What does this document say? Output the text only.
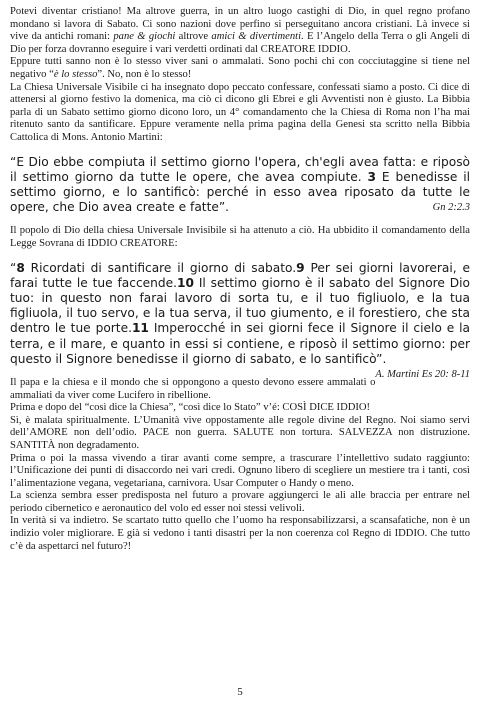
Potevi diventar cristiano! Ma altrove guerra, in un altro luogo castighi di Dio, in quel regno profano mondano si lavora di Sabato. Ci sono nazioni dove perfino si perseguitano ancora cristiani. Là invece si vive da antichi romani: pane & giochi altrove amici & divertimenti. E l’Angelo della Terra o gli Angeli di Dio per forza dovranno eseguire i vari verdetti ordinati dal CREATORE IDDIO.

Eppure tutti sanno non è lo stesso viver sani o ammalati. Sono pochi chi con cocciutaggine si tiene nel negativo “è lo stesso”. No, non è lo stesso!

La Chiesa Universale Visibile ci ha insegnato dopo peccato confessare, confessati siamo a posto. Ci dice di attenersi al giorno festivo la domenica, ma ciò ci dicono gli Ebrei e gli Avventisti non è giusto. La Bibbia parla di un Sabato settimo giorno dicono loro, un 4° comandamento che la Chiesa di Roma non l’ha mai ritenuto santo da santificare. Eppure veramente nella prima pagina della Genesi sta scritto nella Bibbia Cattolica di Mons. Antonio Martini:

“E Dio ebbe compiuta il settimo giorno l'opera, ch'egli avea fatta: e riposò il settimo giorno da tutte le opere, che avea compiute. 3 E benedisse il settimo giorno, e lo santificò: perché in esso avea riposato da tutte le opere, che Dio avea create e fatte”.	Gn 2:2.3

Il popolo di Dio della chiesa Universale Invisibile si ha attenuto a ciò. Ha ubbidito il comandamento della Legge Sovrana di IDDIO CREATORE:

“8 Ricordati di santificare il giorno di sabato.9 Per sei giorni lavorerai, e farai tutte le tue faccende.10 Il settimo giorno è il sabato del Signore Dio tuo: in questo non farai lavoro di sorta tu, e il tuo figliuolo, e la tua figliuola, il tuo servo, e la tua serva, il tuo giumento, e il forestiero, che sta dentro le tue porte.11 Imperocché in sei giorni fece il Signore il cielo e la terra, e il mare, e quanto in essi si contiene, e riposò il settimo giorno: per questo il Signore benedisse il giorno di sabato, e lo santificò”.
A. Martini Es 20: 8-11

Il papa e la chiesa e il mondo che si oppongono a questo devono essere ammalati o ammaliati da viver come Lucifero in ribellione.

Prima e dopo del “così dice la Chiesa”, “così dice lo Stato” v’é: COSÌ DICE IDDIO!

Sì, è malata spiritualmente. L’Umanità vive oppostamente alle regole divine del Regno. Noi siamo servi dell’AMORE non dell’odio. PACE non guerra. SALUTE non tortura. SALVEZZA non distruzione. SANTITÀ non degradamento.

Prima o poi la massa vivendo a tirar avanti come sempre, a trascurare l’intellettivo sudato raggiunto: l’Unificazione dei punti di disaccordo nei vari credi. Ognuno libero di scegliere un mestiere tra i tanti, così l’alimentazione vegana, vegetariana, carnivora. Usar Computer o Handy o meno.

La scienza sembra esser predisposta nel futuro a provare aggiungerci le ali alle braccia per entrare nel periodo cibernetico e aeronautico del volo ed esser noi stessi velivoli.

In verità si va indietro. Se scartato tutto quello che l’uomo ha responsabilizzarsi, a scansafatiche, non è un indizio voler migliorare. E già si vedono i tanti disastri per la non coerenza col Regno di IDDIO. Che tutto c’è da aspettarci nel futuro?!

5
